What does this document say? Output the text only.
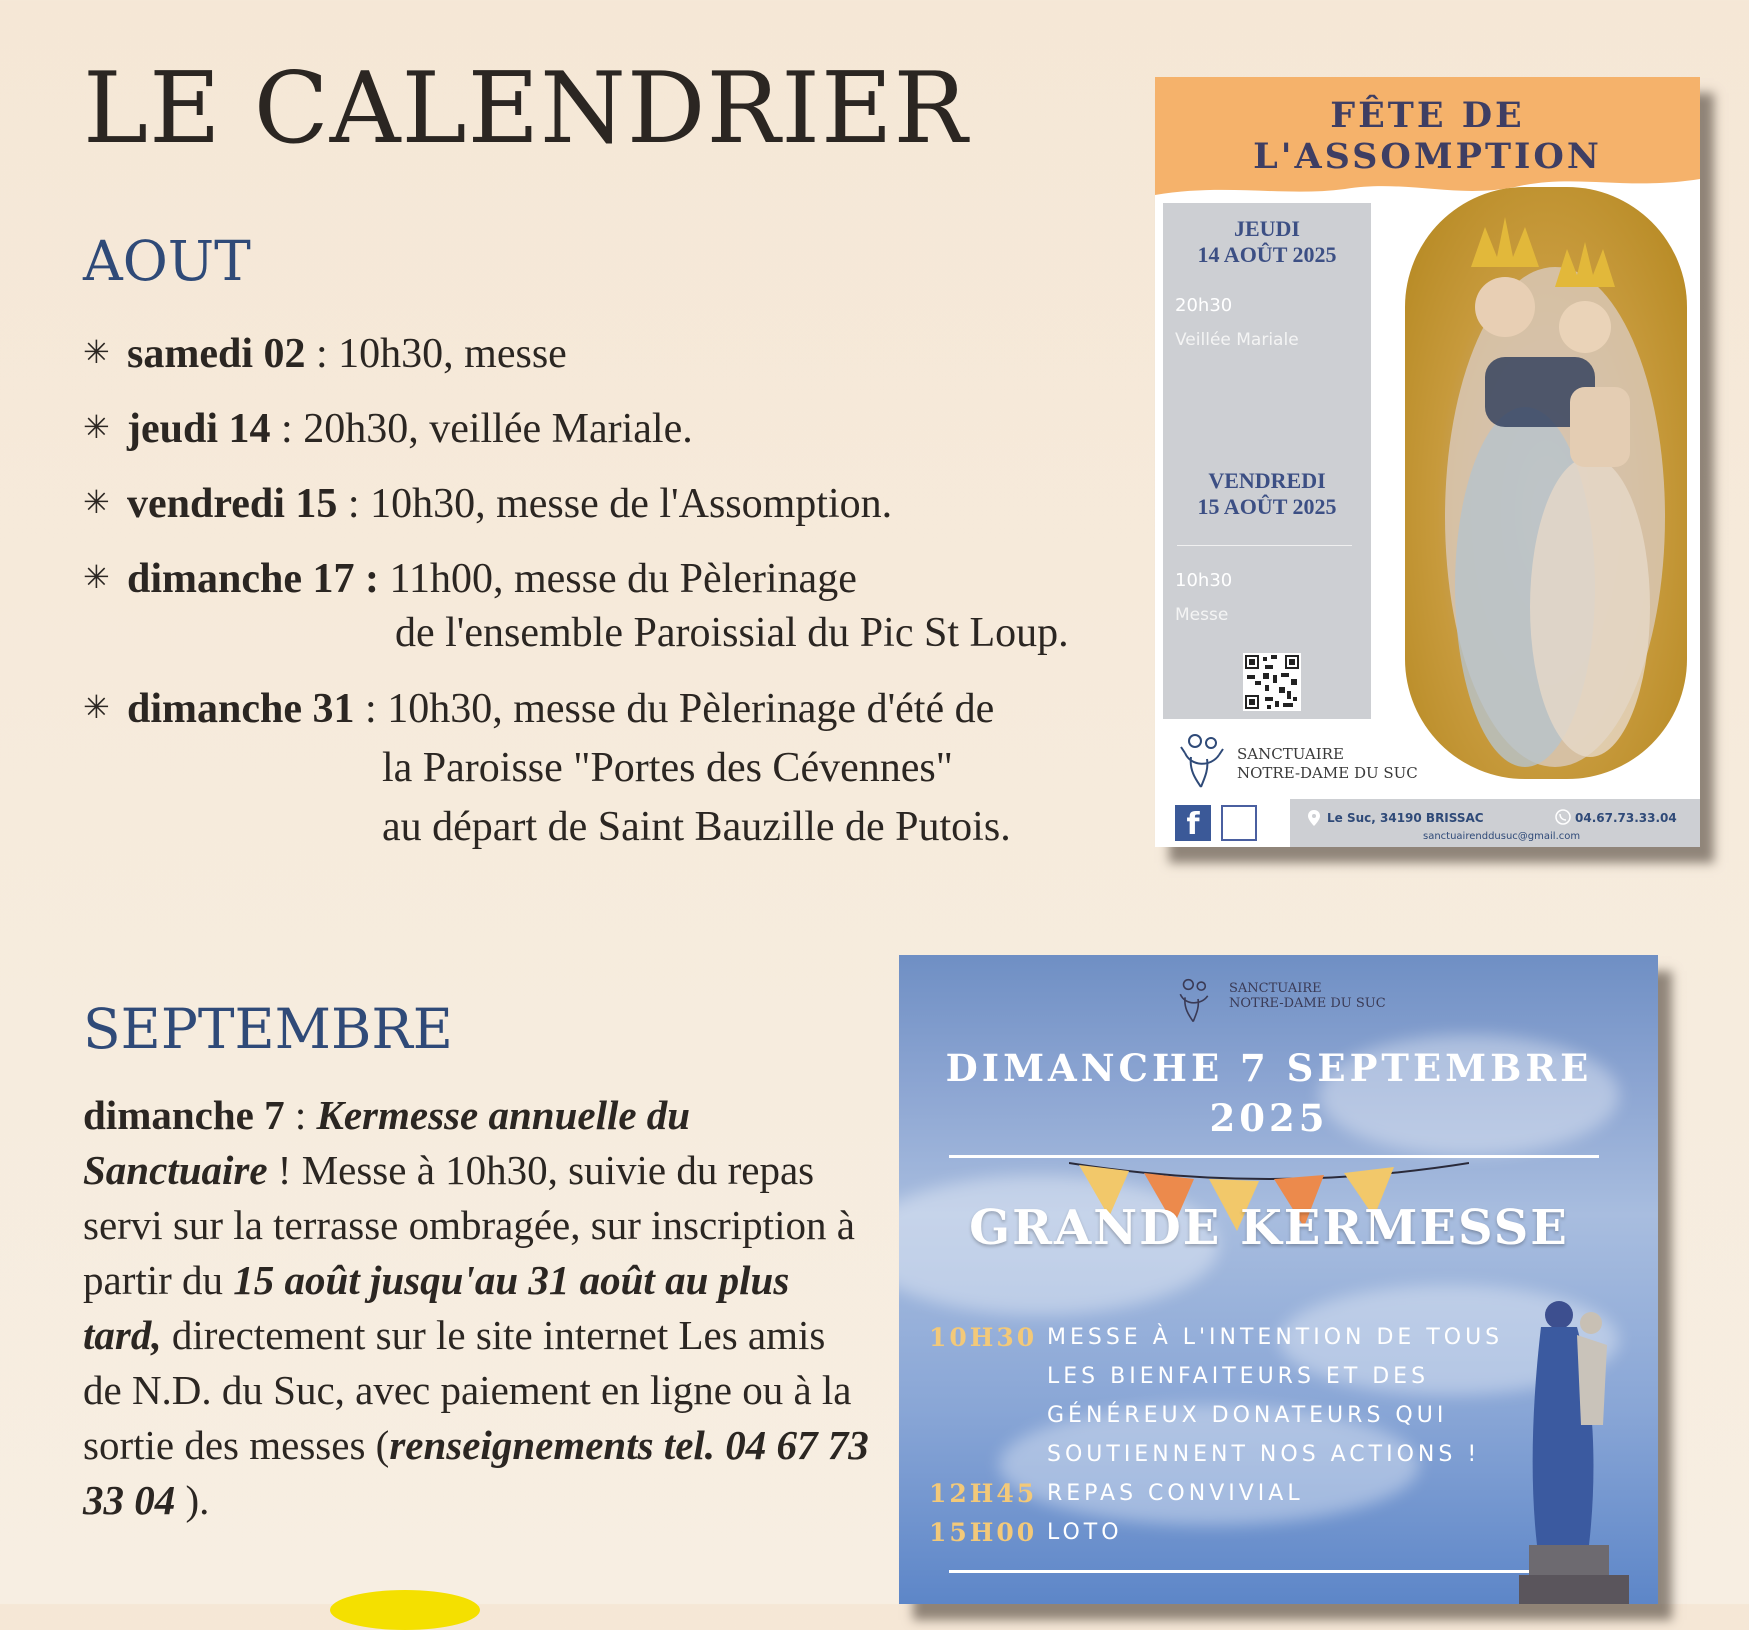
LE CALENDRIER
AOUT
✳ samedi 02 : 10h30, messe
✳ jeudi 14 : 20h30, veillée Mariale.
✳ vendredi 15 : 10h30, messe de l'Assomption.
✳ dimanche 17 : 11h00, messe du Pèlerinage
de l'ensemble Paroissial du Pic St Loup.
✳ dimanche 31 : 10h30, messe du Pèlerinage d'été de
la Paroisse "Portes des Cévennes"
au départ de Saint Bauzille de Putois.
SEPTEMBRE
dimanche 7 : Kermesse annuelle du Sanctuaire ! Messe à 10h30, suivie du repas servi sur la terrasse ombragée, sur inscription à partir du 15 août jusqu'au 31 août au plus tard, directement sur le site internet Les amis de N.D. du Suc, avec paiement en ligne ou à la sortie des messes (renseignements tel. 04 67 73 33 04 ).
FÊTE DE L'ASSOMPTION
JEUDI
14 AOÛT 2025
20h30
Veillée Mariale
VENDREDI
15 AOÛT 2025
10h30
Messe
SANCTUAIRE
NOTRE-DAME DU SUC
f	Le Suc, 34190 BRISSAC	04.67.73.33.04
sanctuairenddusuc@gmail.com
SANCTUAIRE
NOTRE-DAME DU SUC
DIMANCHE 7 SEPTEMBRE
2025
GRANDE KERMESSE
10H30 MESSE À L'INTENTION DE TOUS
LES BIENFAITEURS ET DES
GÉNÉREUX DONATEURS QUI
SOUTIENNENT NOS ACTIONS !
12H45 REPAS CONVIVIAL
15H00 LOTO
